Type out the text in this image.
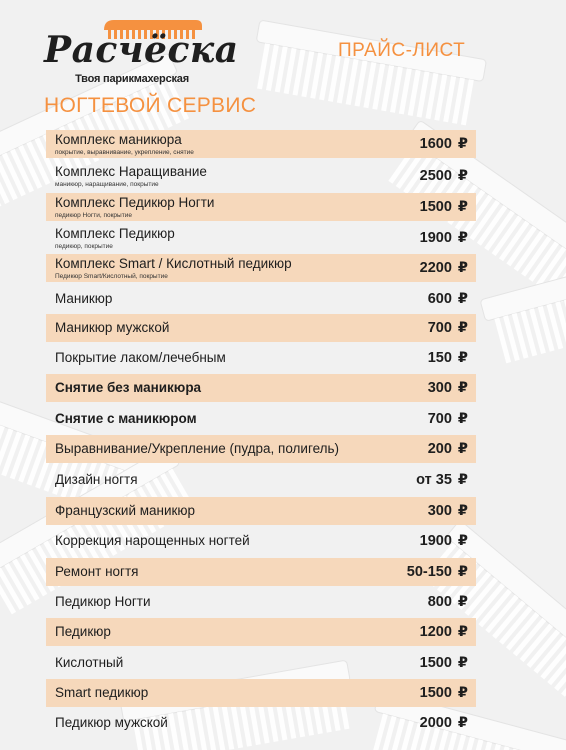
Расчёска
Твоя парикмахерская
ПРАЙС-ЛИСТ
НОГТЕВОЙ СЕРВИС
Комплекс маникюра
покрытие, выравнивание, укрепление, снятие	1600 ₽
Комплекс Наращивание
маникюр, наращивание, покрытие	2500 ₽
Комплекс Педикюр Ногти
педикюр Ногти, покрытие	1500 ₽
Комплекс Педикюр
педикюр, покрытие	1900 ₽
Комплекс Smart / Кислотный педикюр
Педикюр Smart/Кислотный, покрытие	2200 ₽
Маникюр	600 ₽
Маникюр мужской	700 ₽
Покрытие лаком/лечебным	150 ₽
Снятие без маникюра	300 ₽
Снятие с маникюром	700 ₽
Выравнивание/Укрепление (пудра, полигель)	200 ₽
Дизайн ногтя	от 35 ₽
Французский маникюр	300 ₽
Коррекция нарощенных ногтей	1900 ₽
Ремонт ногтя	50-150 ₽
Педикюр Ногти	800 ₽
Педикюр	1200 ₽
Кислотный	1500 ₽
Smart педикюр	1500 ₽
Педикюр мужской	2000 ₽
